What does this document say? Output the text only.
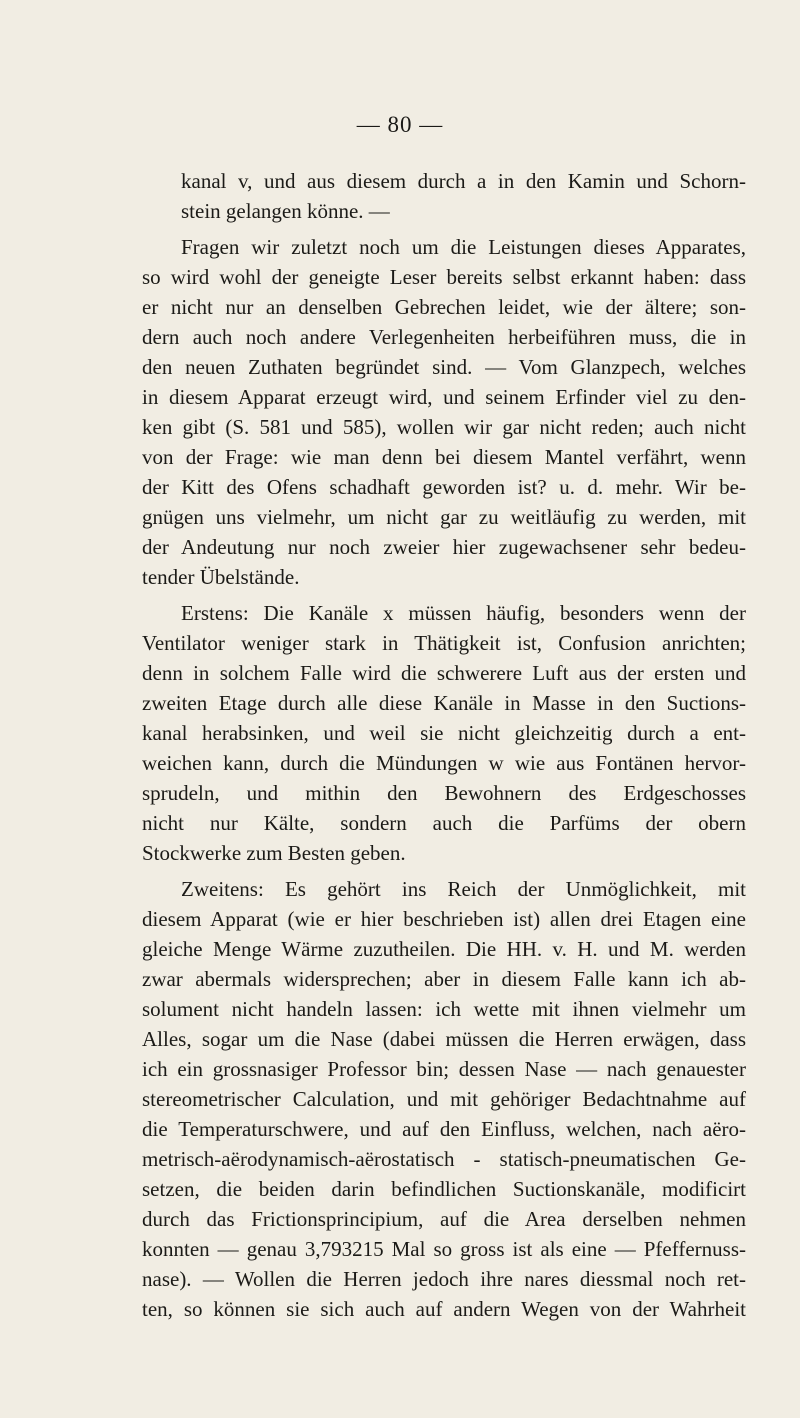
— 80 —
kanal v, und aus diesem durch a in den Kamin und Schorn-
stein gelangen könne. —
Fragen wir zuletzt noch um die Leistungen dieses Apparates,
so wird wohl der geneigte Leser bereits selbst erkannt haben: dass
er nicht nur an denselben Gebrechen leidet, wie der ältere; son-
dern auch noch andere Verlegenheiten herbeiführen muss, die in
den neuen Zuthaten begründet sind. — Vom Glanzpech, welches
in diesem Apparat erzeugt wird, und seinem Erfinder viel zu den-
ken gibt (S. 581 und 585), wollen wir gar nicht reden; auch nicht
von der Frage: wie man denn bei diesem Mantel verfährt, wenn
der Kitt des Ofens schadhaft geworden ist? u. d. mehr. Wir be-
gnügen uns vielmehr, um nicht gar zu weitläufig zu werden, mit
der Andeutung nur noch zweier hier zugewachsener sehr bedeu-
tender Übelstände.
Erstens: Die Kanäle x müssen häufig, besonders wenn der
Ventilator weniger stark in Thätigkeit ist, Confusion anrichten;
denn in solchem Falle wird die schwerere Luft aus der ersten und
zweiten Etage durch alle diese Kanäle in Masse in den Suctions-
kanal herabsinken, und weil sie nicht gleichzeitig durch a ent-
weichen kann, durch die Mündungen w wie aus Fontänen hervor-
sprudeln, und mithin den Bewohnern des Erdgeschosses
nicht nur Kälte, sondern auch die Parfüms der obern
Stockwerke zum Besten geben.
Zweitens: Es gehört ins Reich der Unmöglichkeit, mit
diesem Apparat (wie er hier beschrieben ist) allen drei Etagen eine
gleiche Menge Wärme zuzutheilen. Die HH. v. H. und M. werden
zwar abermals widersprechen; aber in diesem Falle kann ich ab-
solument nicht handeln lassen: ich wette mit ihnen vielmehr um
Alles, sogar um die Nase (dabei müssen die Herren erwägen, dass
ich ein grossnasiger Professor bin; dessen Nase — nach genauester
stereometrischer Calculation, und mit gehöriger Bedachtnahme auf
die Temperaturschwere, und auf den Einfluss, welchen, nach aëro-
metrisch-aërodynamisch-aërostatisch - statisch-pneumatischen Ge-
setzen, die beiden darin befindlichen Suctionskanäle, modificirt
durch das Frictionsprincipium, auf die Area derselben nehmen
konnten — genau 3,793215 Mal so gross ist als eine — Pfeffernuss-
nase). — Wollen die Herren jedoch ihre nares diessmal noch ret-
ten, so können sie sich auch auf andern Wegen von der Wahrheit
